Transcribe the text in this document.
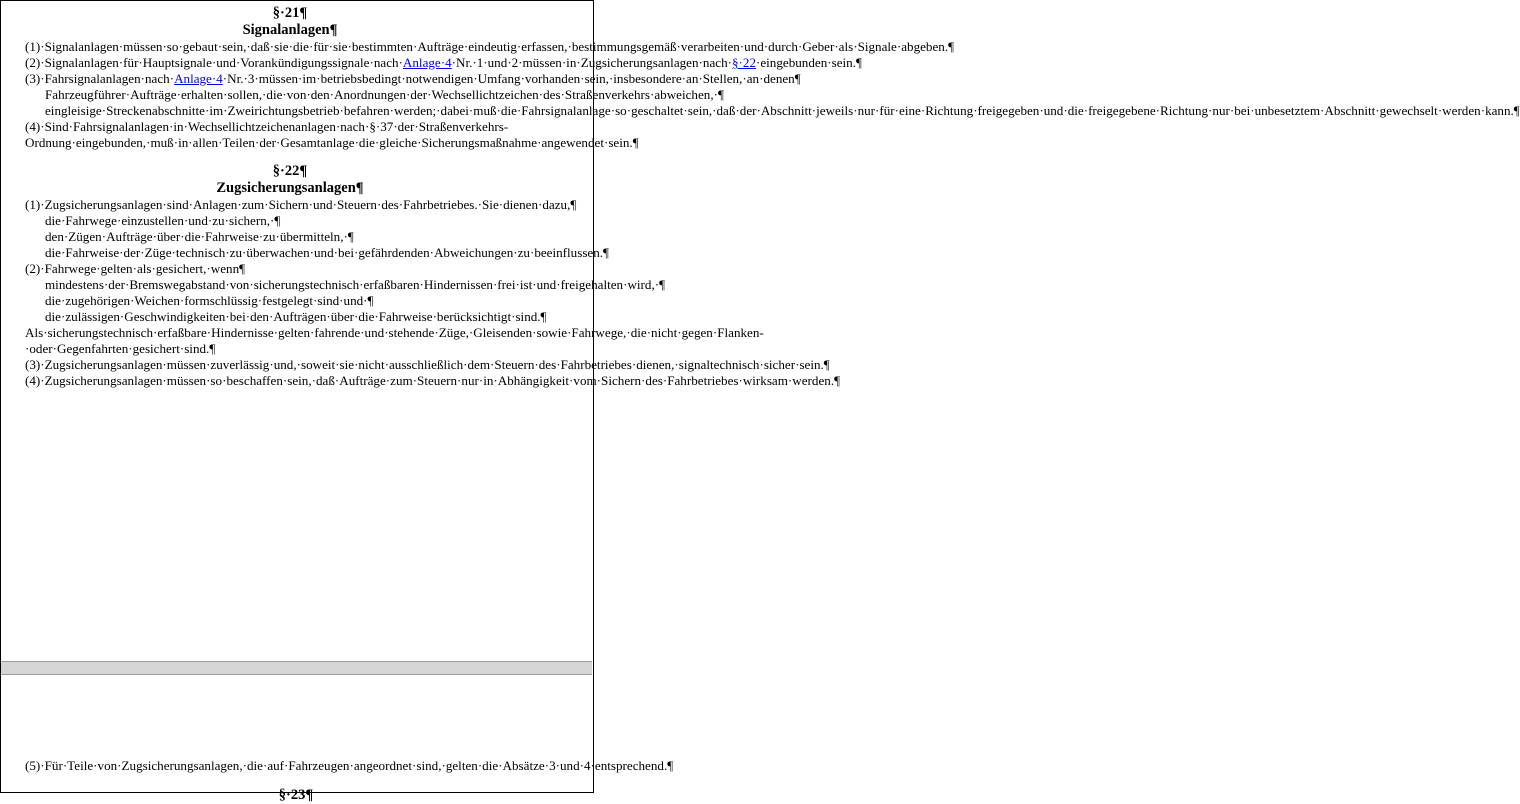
§·21¶
Signalanlagen¶

(1)·Signalanlagen·müssen·so·gebaut·sein,·daß·sie·die·für·sie·bestimmten·Aufträge·eindeutig·erfassen,·bestimmungsgemäß·verarbeiten·und·durch·Geber·als·Signale·abgeben.¶

(2)·Signalanlagen·für·Hauptsignale·und·Vorankündigungssignale·nach·Anlage·4·Nr.·1·und·2·müssen·in·Zugsicherungsanlagen·nach·§·22·eingebunden·sein.¶

(3)·Fahrsignalanlagen·nach·Anlage·4·Nr.·3·müssen·im·betriebsbedingt·notwendigen·Umfang·vorhanden·sein,·insbesondere·an·Stellen,·an·denen¶

Fahrzeugführer·Aufträge·erhalten·sollen,·die·von·den·Anordnungen·der·Wechsellichtzeichen·des·Straßenverkehrs·abweichen,·¶

eingleisige·Streckenabschnitte·im·Zweirichtungsbetrieb·befahren·werden;·dabei·muß·die·Fahrsignalanlage·so·geschaltet·sein,·daß·der·Abschnitt·jeweils·nur·für·eine·Richtung·freigegeben·und·die·freigegebene·Richtung·nur·bei·unbesetztem·Abschnitt·gewechselt·werden·kann.¶

(4)·Sind·Fahrsignalanlagen·in·Wechsellichtzeichenanlagen·nach·§·37·der·Straßenverkehrs-Ordnung·eingebunden,·muß·in·allen·Teilen·der·Gesamtanlage·die·gleiche·Sicherungsmaßnahme·angewendet·sein.¶

§·22¶
Zugsicherungsanlagen¶

(1)·Zugsicherungsanlagen·sind·Anlagen·zum·Sichern·und·Steuern·des·Fahrbetriebes.·Sie·dienen·dazu,¶

die·Fahrwege·einzustellen·und·zu·sichern,·¶

den·Zügen·Aufträge·über·die·Fahrweise·zu·übermitteln,·¶

die·Fahrweise·der·Züge·technisch·zu·überwachen·und·bei·gefährdenden·Abweichungen·zu·beeinflussen.¶

(2)·Fahrwege·gelten·als·gesichert,·wenn¶

mindestens·der·Bremswegabstand·von·sicherungstechnisch·erfaßbaren·Hindernissen·frei·ist·und·freigehalten·wird,·¶

die·zugehörigen·Weichen·formschlüssig·festgelegt·sind·und·¶

die·zulässigen·Geschwindigkeiten·bei·den·Aufträgen·über·die·Fahrweise·berücksichtigt·sind.¶

Als·sicherungstechnisch·erfaßbare·Hindernisse·gelten·fahrende·und·stehende·Züge,·Gleisenden·sowie·Fahrwege,·die·nicht·gegen·Flanken-·oder·Gegenfahrten·gesichert·sind.¶

(3)·Zugsicherungsanlagen·müssen·zuverlässig·und,·soweit·sie·nicht·ausschließlich·dem·Steuern·des·Fahrbetriebes·dienen,·signaltechnisch·sicher·sein.¶

(4)·Zugsicherungsanlagen·müssen·so·beschaffen·sein,·daß·Aufträge·zum·Steuern·nur·in·Abhängigkeit·vom·Sichern·des·Fahrbetriebes·wirksam·werden.¶

(5)·Für·Teile·von·Zugsicherungsanlagen,·die·auf·Fahrzeugen·angeordnet·sind,·gelten·die·Absätze·3·und·4·entsprechend.¶

§·23¶
